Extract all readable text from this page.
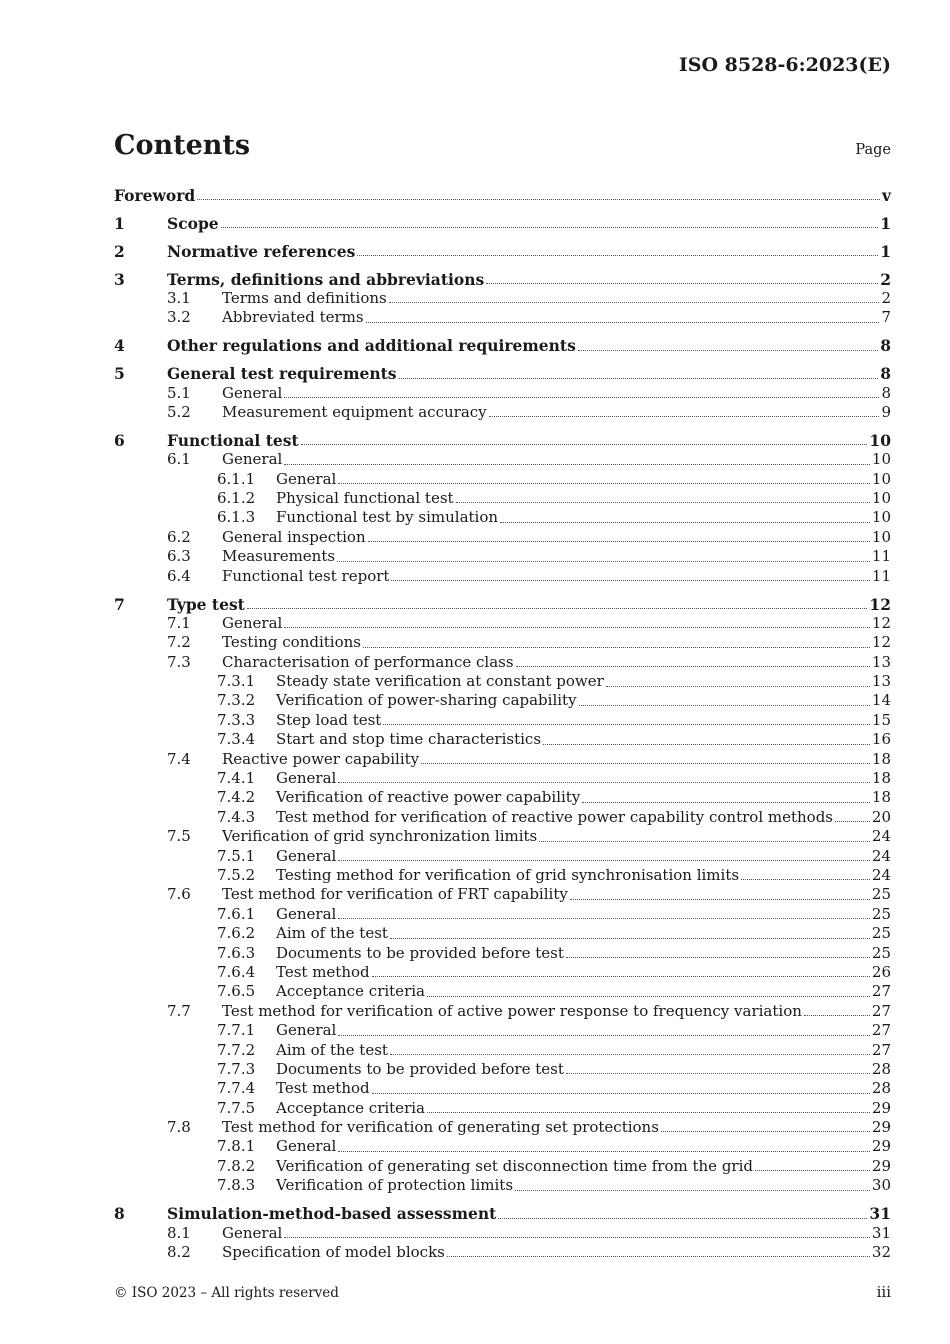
ISO 8528-6:2023(E)
Contents	Page
Foreword	v
1	Scope	1
2	Normative references	1
3	Terms, definitions and abbreviations	2
3.1 Terms and definitions	2
3.2 Abbreviated terms	7
4	Other regulations and additional requirements	8
5	General test requirements	8
5.1 General	8
5.2 Measurement equipment accuracy	9
6	Functional test	10
6.1 General	10
6.1.1 General	10
6.1.2 Physical functional test	10
6.1.3 Functional test by simulation	10
6.2 General inspection	10
6.3 Measurements	11
6.4 Functional test report	11
7	Type test	12
7.1 General	12
7.2 Testing conditions	12
7.3 Characterisation of performance class	13
7.3.1 Steady state verification at constant power	13
7.3.2 Verification of power-sharing capability	14
7.3.3 Step load test	15
7.3.4 Start and stop time characteristics	16
7.4 Reactive power capability	18
7.4.1 General	18
7.4.2 Verification of reactive power capability	18
7.4.3 Test method for verification of reactive power capability control methods	20
7.5 Verification of grid synchronization limits	24
7.5.1 General	24
7.5.2 Testing method for verification of grid synchronisation limits	24
7.6 Test method for verification of FRT capability	25
7.6.1 General	25
7.6.2 Aim of the test	25
7.6.3 Documents to be provided before test	25
7.6.4 Test method	26
7.6.5 Acceptance criteria	27
7.7 Test method for verification of active power response to frequency variation	27
7.7.1 General	27
7.7.2 Aim of the test	27
7.7.3 Documents to be provided before test	28
7.7.4 Test method	28
7.7.5 Acceptance criteria	29
7.8 Test method for verification of generating set protections	29
7.8.1 General	29
7.8.2 Verification of generating set disconnection time from the grid	29
7.8.3 Verification of protection limits	30
8	Simulation-method-based assessment	31
8.1 General	31
8.2 Specification of model blocks	32
© ISO 2023 – All rights reserved	iii
